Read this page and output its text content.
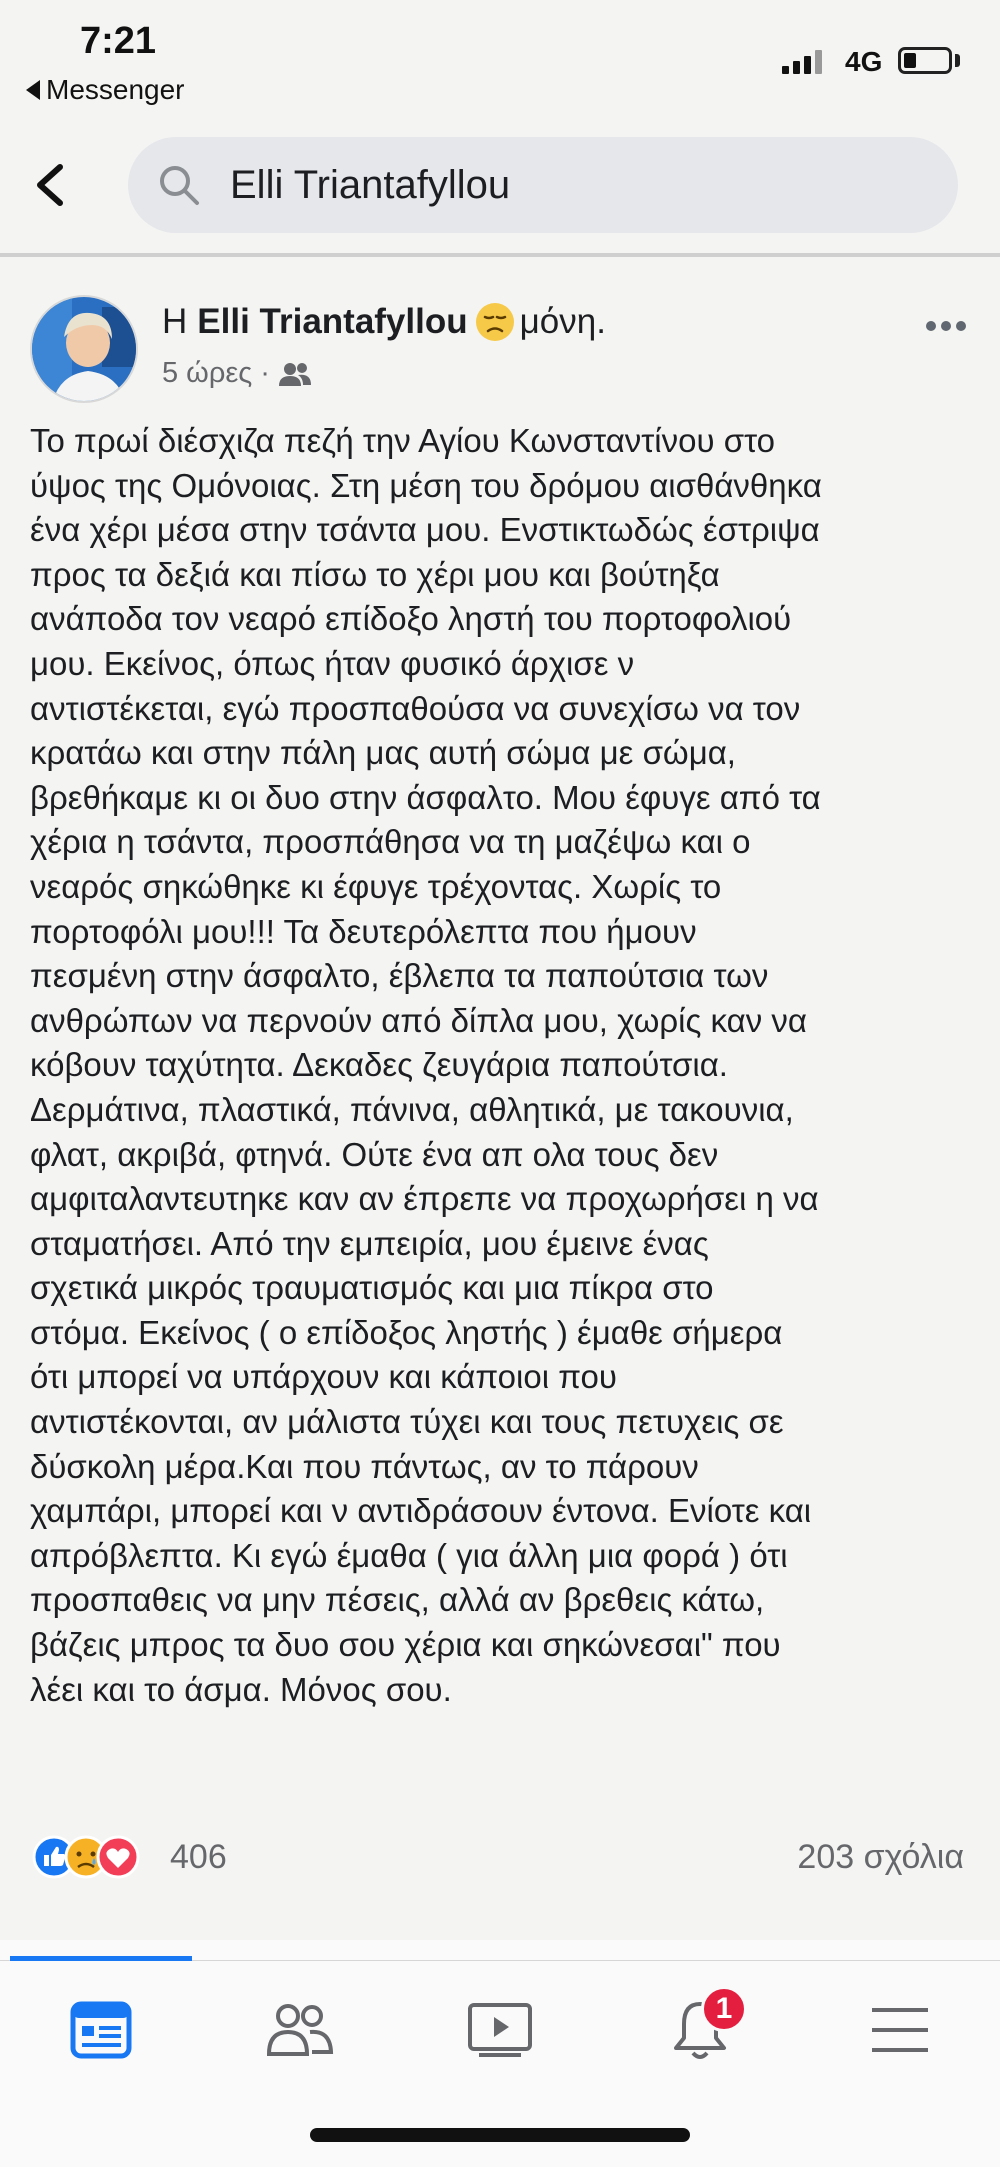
7:21
Messenger
4G
Elli Triantafyllou
Η Elli Triantafyllou μόνη.
5 ώρες ·
Το πρωί διέσχιζα πεζή την Αγίου Κωνσταντίνου στο
ύψος της Ομόνοιας. Στη μέση του δρόμου αισθάνθηκα
ένα χέρι μέσα στην τσάντα μου. Ενστικτωδώς έστριψα
προς τα δεξιά και πίσω το χέρι μου και βούτηξα
ανάποδα τον νεαρό επίδοξο ληστή του πορτοφολιού
μου. Εκείνος, όπως ήταν φυσικό άρχισε ν
αντιστέκεται, εγώ προσπαθούσα να συνεχίσω να τον
κρατάω και στην πάλη μας αυτή σώμα με σώμα,
βρεθήκαμε κι οι δυο στην άσφαλτο. Μου έφυγε από τα
χέρια η τσάντα, προσπάθησα να τη μαζέψω και ο
νεαρός σηκώθηκε κι έφυγε τρέχοντας. Χωρίς το
πορτοφόλι μου!!! Τα δευτερόλεπτα που ήμουν
πεσμένη στην άσφαλτο, έβλεπα τα παπούτσια των
ανθρώπων να περνούν από δίπλα μου, χωρίς καν να
κόβουν ταχύτητα. Δεκαδες ζευγάρια παπούτσια.
Δερμάτινα, πλαστικά, πάνινα, αθλητικά, με τακουνια,
φλατ, ακριβά, φτηνά. Ούτε ένα απ ολα τους δεν
αμφιταλαντευτηκε καν αν έπρεπε να προχωρήσει η να
σταματήσει. Από την εμπειρία, μου έμεινε ένας
σχετικά μικρός τραυματισμός και μια πίκρα στο
στόμα. Εκείνος ( ο επίδοξος ληστής ) έμαθε σήμερα
ότι μπορεί να υπάρχουν και κάποιοι που
αντιστέκονται, αν μάλιστα τύχει και τους πετυχεις σε
δύσκολη μέρα.Και που πάντως, αν το πάρουν
χαμπάρι, μπορεί και ν αντιδράσουν έντονα. Ενίοτε και
απρόβλεπτα. Κι εγώ έμαθα ( για άλλη μια φορά ) ότι
προσπαθεις να μην πέσεις, αλλά αν βρεθεις κάτω,
βάζεις μπρος τα δυο σου χέρια και σηκώνεσαι" που
λέει και το άσμα. Μόνος σου.
406	203 σχόλια
1
